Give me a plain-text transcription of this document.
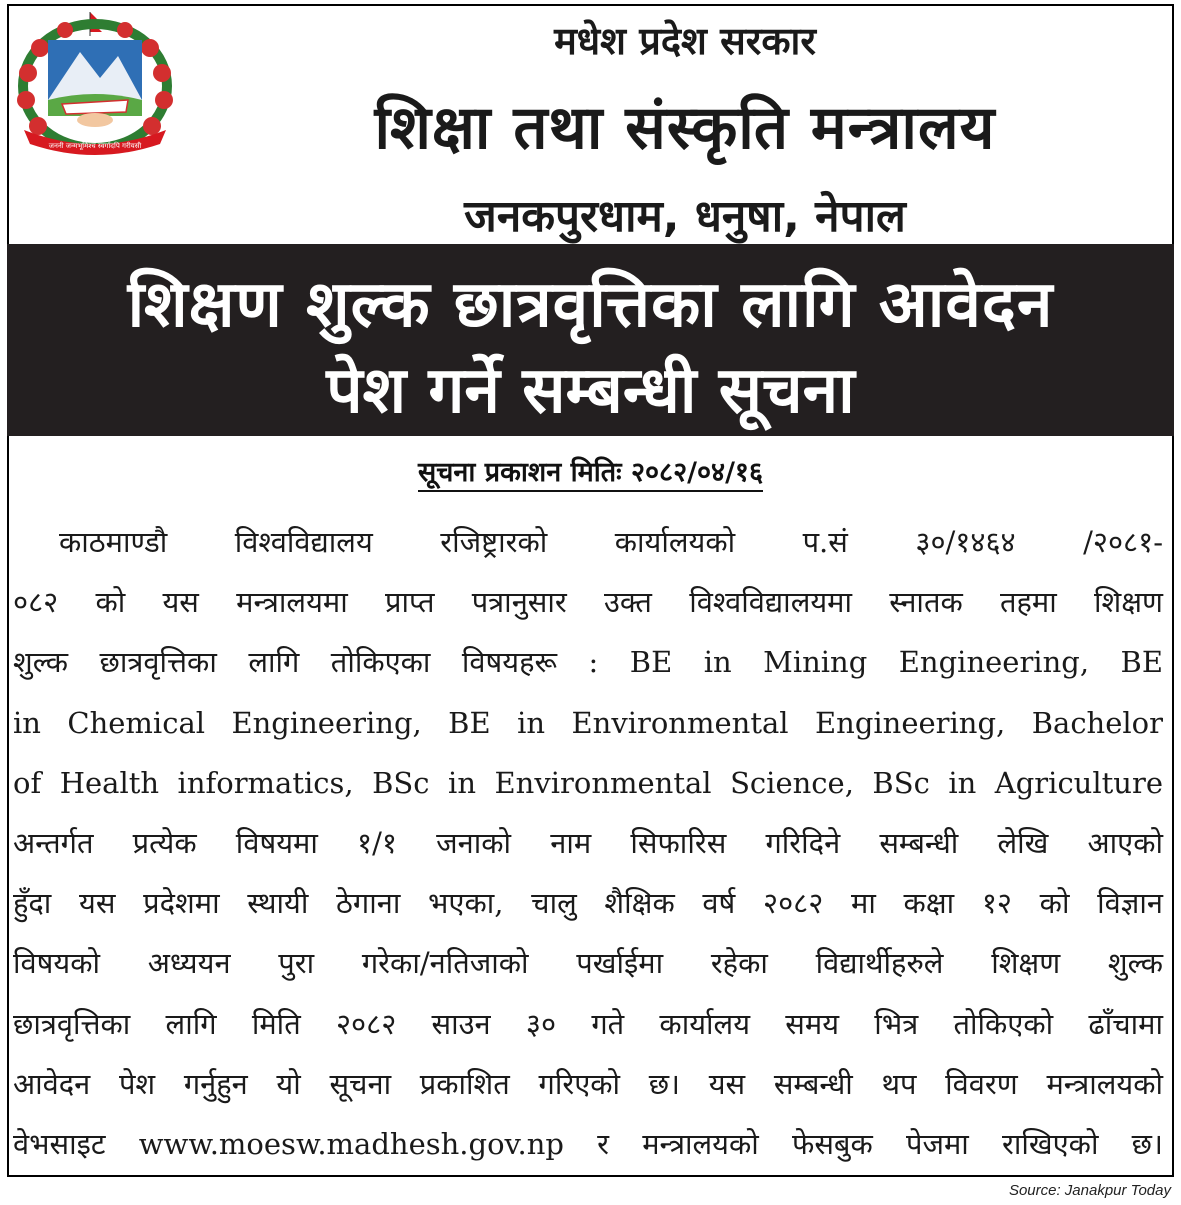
जननी जन्मभूमिश्च स्वर्गादपि गरीयसी
मधेश प्रदेश सरकार
शिक्षा तथा संस्कृति मन्त्रालय
जनकपुरधाम, धनुषा, नेपाल
शिक्षण शुल्क छात्रवृत्तिका लागि आवेदन
पेश गर्ने सम्बन्धी सूचना
सूचना प्रकाशन मितिः २०८२/०४/१६
काठमाण्डौ विश्वविद्यालय रजिष्ट्रारको कार्यालयको प.सं ३०/१४६४ /२०८१-
०८२ को यस मन्त्रालयमा प्राप्त पत्रानुसार उक्त विश्वविद्यालयमा स्नातक तहमा शिक्षण
शुल्क छात्रवृत्तिका लागि तोकिएका विषयहरू : BE in Mining Engineering, BE
in Chemical Engineering, BE in Environmental Engineering, Bachelor
of Health informatics, BSc in Environmental Science, BSc in Agriculture
अन्तर्गत प्रत्येक विषयमा १/१ जनाको नाम सिफारिस गरिदिने सम्बन्धी लेखि आएको
हुँदा यस प्रदेशमा स्थायी ठेगाना भएका, चालु शैक्षिक वर्ष २०८२ मा कक्षा १२ को विज्ञान
विषयको अध्ययन पुरा गरेका/नतिजाको पर्खाईमा रहेका विद्यार्थीहरुले शिक्षण शुल्क
छात्रवृत्तिका लागि मिति २०८२ साउन ३० गते कार्यालय समय भित्र तोकिएको ढाँचामा
आवेदन पेश गर्नुहुन यो सूचना प्रकाशित गरिएको छ। यस सम्बन्धी थप विवरण मन्त्रालयको
वेभसाइट www.moesw.madhesh.gov.np र मन्त्रालयको फेसबुक पेजमा राखिएको छ।
Source: Janakpur Today
